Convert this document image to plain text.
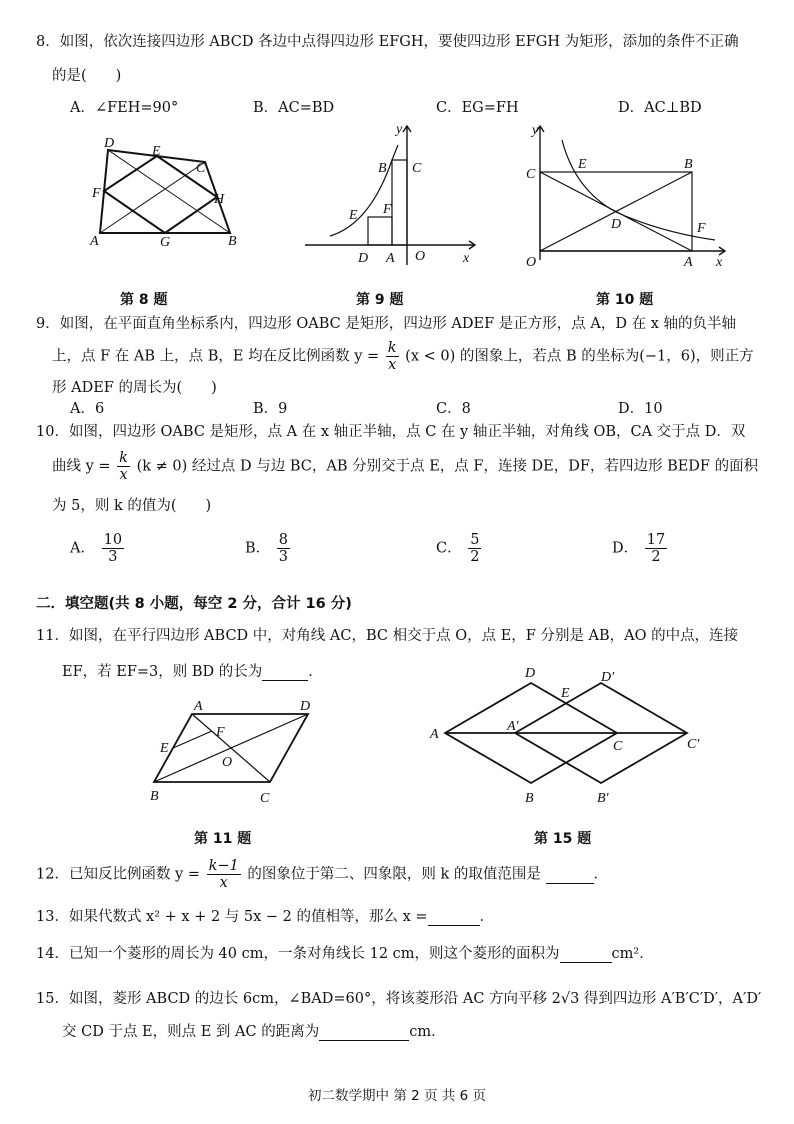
8．如图，依次连接四边形 ABCD 各边中点得四边形 EFGH，要使四边形 EFGH 为矩形，添加的条件不正确
的是(　　)
A．∠FEH=90°	B．AC=BD	C．EG=FH	D．AC⊥BD
D
E
C
F	H
A	G	B
第 8 题
y
B C
E F
D A O	x
第 9 题
y
C
E	B
D	F
O	A x
第 10 题
9．如图，在平面直角坐标系内，四边形 OABC 是矩形，四边形 ADEF 是正方形，点 A，D 在 x 轴的负半轴
上，点 F 在 AB 上，点 B，E 均在反比例函数 $y = \frac{k}{x} (x < 0)$ 的图象上，若点 B 的坐标为(−1，6)，则正方
形 ADEF 的周长为(　　)
A．6	B．9	C．8	D．10
10．如图，四边形 OABC 是矩形，点 A 在 x 轴正半轴，点 C 在 y 轴正半轴，对角线 OB，CA 交于点 D．双
曲线 $y = \frac{k}{x} (k \ne 0)$ 经过点 D 与边 BC，AB 分别交于点 E，点 F，连接 DE，DF，若四边形 BEDF 的面积
为 5，则 k 的值为(　　)
A． $\frac{10}{3}$	B． $\frac{8}{3}$	C． $\frac{5}{2}$	D． $\frac{17}{2}$
二．填空题(共 8 小题，每空 2 分，合计 16 分)
11．如图，在平行四边形 ABCD 中，对角线 AC，BC 相交于点 O，点 E，F 分别是 AB，AO 的中点，连接
EF，若 EF=3，则 BD 的长为	．
A	D
E
F
O
B	C
第 11 题
D
E
D′
A
A′
C	C′
B	B′
第 15 题
12．已知反比例函数 $y = \frac{k-1}{x}$ 的图象位于第二、四象限，则 k 的取值范围是	．
13．如果代数式 x² + x + 2 与 5x − 2 的值相等，那么 x =	．
14．已知一个菱形的周长为 40 cm，一条对角线长 12 cm，则这个菱形的面积为	cm²．
15．如图，菱形 ABCD 的边长 6cm，∠BAD=60°，将该菱形沿 AC 方向平移 2√3 得到四边形 A′B′C′D′，A′D′
交 CD 于点 E，则点 E 到 AC 的距离为	cm．
初二数学期中 第 2 页 共 6 页
